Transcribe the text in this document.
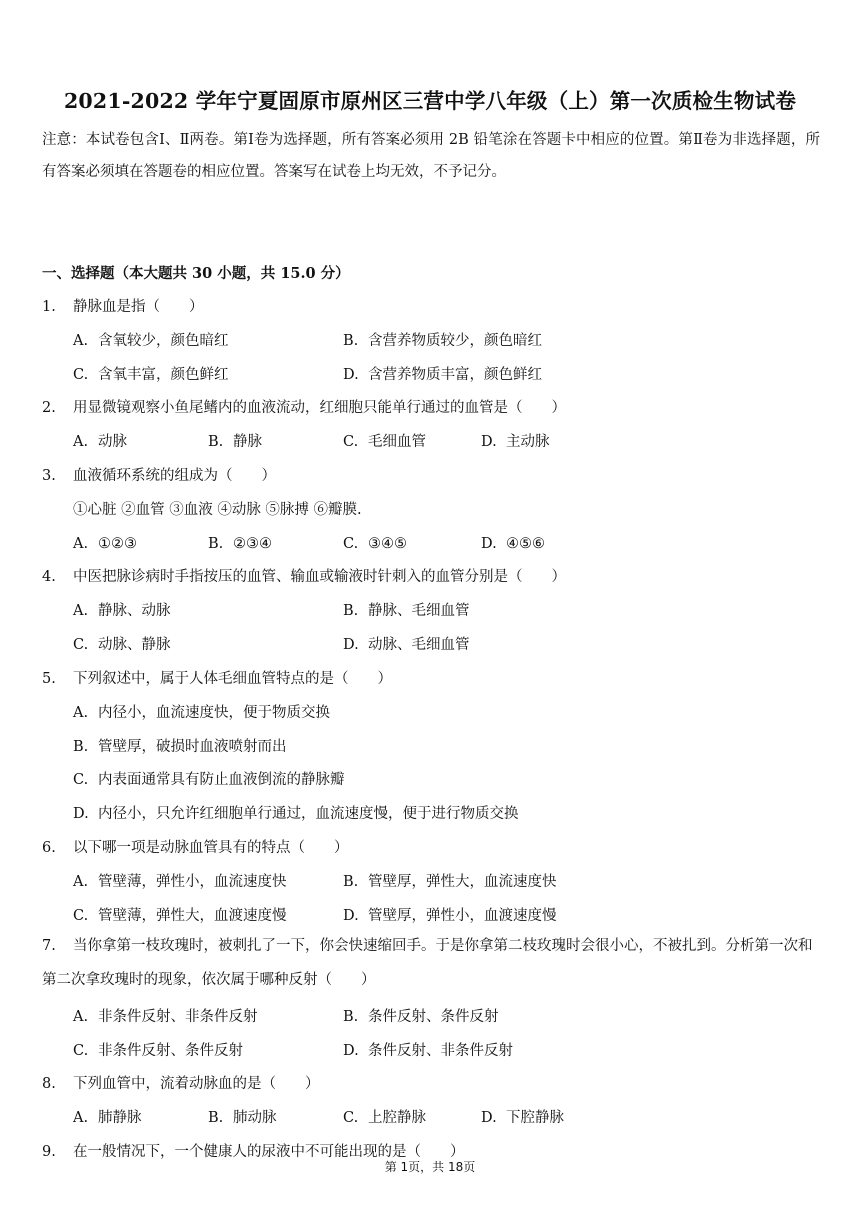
2021-2022 学年宁夏固原市原州区三营中学八年级（上）第一次质检生物试卷
注意：本试卷包含Ⅰ、Ⅱ两卷。第Ⅰ卷为选择题，所有答案必须用 2B 铅笔涂在答题卡中相应的位置。第Ⅱ卷为非选择题，所有答案必须填在答题卷的相应位置。答案写在试卷上均无效，不予记分。
一、选择题（本大题共 30 小题，共 15.0 分）
1. 静脉血是指（　　）
A. 含氧较少，颜色暗红	B. 含营养物质较少，颜色暗红
C. 含氧丰富，颜色鲜红	D. 含营养物质丰富，颜色鲜红
2. 用显微镜观察小鱼尾鳍内的血液流动，红细胞只能单行通过的血管是（　　）
A. 动脉	B. 静脉	C. 毛细血管	D. 主动脉
3. 血液循环系统的组成为（　　）
①心脏 ②血管 ③血液 ④动脉 ⑤脉搏 ⑥瓣膜.
A. ①②③	B. ②③④	C. ③④⑤	D. ④⑤⑥
4. 中医把脉诊病时手指按压的血管、输血或输液时针刺入的血管分别是（　　）
A. 静脉、动脉	B. 静脉、毛细血管
C. 动脉、静脉	D. 动脉、毛细血管
5. 下列叙述中，属于人体毛细血管特点的是（　　）
A. 内径小，血流速度快，便于物质交换
B. 管壁厚，破损时血液喷射而出
C. 内表面通常具有防止血液倒流的静脉瓣
D. 内径小，只允许红细胞单行通过，血流速度慢，便于进行物质交换
6. 以下哪一项是动脉血管具有的特点（　　）
A. 管壁薄，弹性小，血流速度快	B. 管壁厚，弹性大，血流速度快
C. 管壁薄，弹性大，血渡速度慢	D. 管壁厚，弹性小，血渡速度慢
7. 当你拿第一枝玫瑰时，被刺扎了一下，你会快速缩回手。于是你拿第二枝玫瑰时会很小心，不被扎到。分析第一次和第二次拿玫瑰时的现象，依次属于哪种反射（　　）
A. 非条件反射、非条件反射	B. 条件反射、条件反射
C. 非条件反射、条件反射	D. 条件反射、非条件反射
8. 下列血管中，流着动脉血的是（　　）
A. 肺静脉	B. 肺动脉	C. 上腔静脉	D. 下腔静脉
9. 在一般情况下，一个健康人的尿液中不可能出现的是（　　）
第 1页，共 18页
